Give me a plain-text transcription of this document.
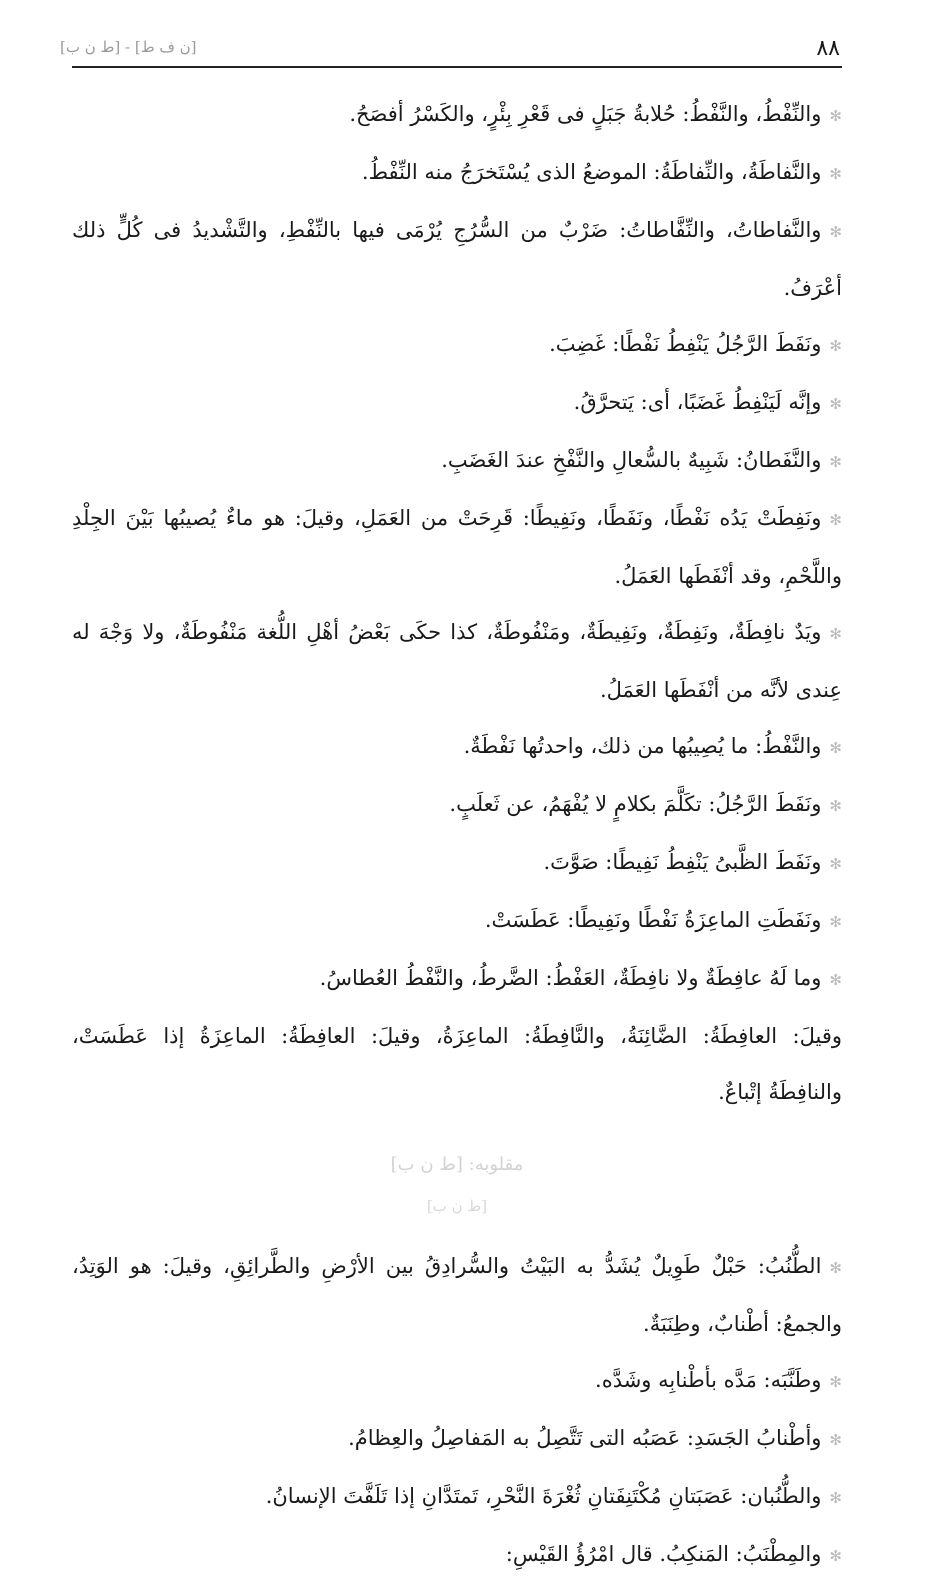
٨٨
[ن ف ط] - [ط ن ب]

✻والنِّفْطُ، والنَّفْطُ: حُلابةُ جَبَلٍ فى قَعْرِ بِئْرٍ، والكَسْرُ أفصَحُ.

✻والنَّفاطَةُ، والنِّفاطَةُ: الموضعُ الذى يُسْتَخرَجُ منه النِّفْطُ.

✻والنَّفاطاتُ، والنِّفَّاطاتُ: ضَرْبٌ من السُّرُجِ يُرْمَى فيها بالنِّفْطِ، والتَّشْديدُ فى كُلٍّ ذلك أعْرَفُ.

✻ونَفَطَ الرَّجُلُ يَنْفِطُ نَفْطًا: غَضِبَ.

✻وإنَّه لَيَنْفِطُ غَضَبًا، أى: يَتحرَّقُ.

✻والنَّفَطانُ: شَبِيهٌ بالسُّعالِ والنَّفْخِ عندَ الغَضَبِ.

✻ونَفِطَتْ يَدُه نَفْطًا، ونَفَطًا، ونَفِيطًا: قَرِحَتْ من العَمَلِ، وقيلَ: هو ماءٌ يُصيبُها بَيْنَ الجِلْدِ واللَّحْمِ، وقد أنْفَطَها العَمَلُ.

✻ويَدٌ نافِطَةٌ، ونَفِطَةٌ، ونَفِيطَةٌ، ومَنْفُوطَةٌ، كذا حكَى بَعْضُ أهْلِ اللُّغة مَنْفُوطَةٌ، ولا وَجْهَ له عِندى لأنَّه من أنْفَطَها العَمَلُ.

✻والنَّفْطُ: ما يُصِيبُها من ذلك، واحدتُها نَفْطَةٌ.

✻ونَفَطَ الرَّجُلُ: تكَلَّمَ بكلامٍ لا يُفْهَمُ، عن ثَعلَبٍ.

✻ونَفَطَ الظَّبىُ يَنْفِطُ نَفِيطًا: صَوَّتَ.

✻ونَفَطَتِ الماعِزَةُ نَفْطًا ونَفِيطًا: عَطَسَتْ.

✻وما لَهُ عافِطَةٌ ولا نافِطَةٌ، العَفْطُ: الضَّرطُ، والنَّفْطُ العُطاسُ.

وقيلَ: العافِطَةُ: الضَّائِنَةُ، والنَّافِطَةُ: الماعِزَةُ، وقيلَ: العافِطَةُ: الماعِزَةُ إذا عَطَسَتْ، والنافِطَةُ إتْباعٌ.

مقلوبه: [ط ن ب]

[ط ن ب]

✻الطُّنُبُ: حَبْلٌ طَوِيلٌ يُشَدُّ به البَيْتُ والسُّرادِقُ بين الأرْضِ والطَّرائِقِ، وقيلَ: هو الوَتِدُ، والجمعُ: أطْنابٌ، وطِنَبَةٌ.

✻وطَنَّبَه: مَدَّه بأطْنابِه وشَدَّه.

✻وأطْنابُ الجَسَدِ: عَصَبُه التى تَتَّصِلُ به المَفاصِلُ والعِظامُ.

✻والطُّنُبان: عَصَبَتانِ مُكْتَنِفَتانِ ثُغْرَةَ النَّحْرِ، تَمتَدَّانِ إذا تَلَفَّتَ الإنسانُ.

✻والمِطْنَبُ: المَنكِبُ. قال امْرُؤُ القَيْسِ:
